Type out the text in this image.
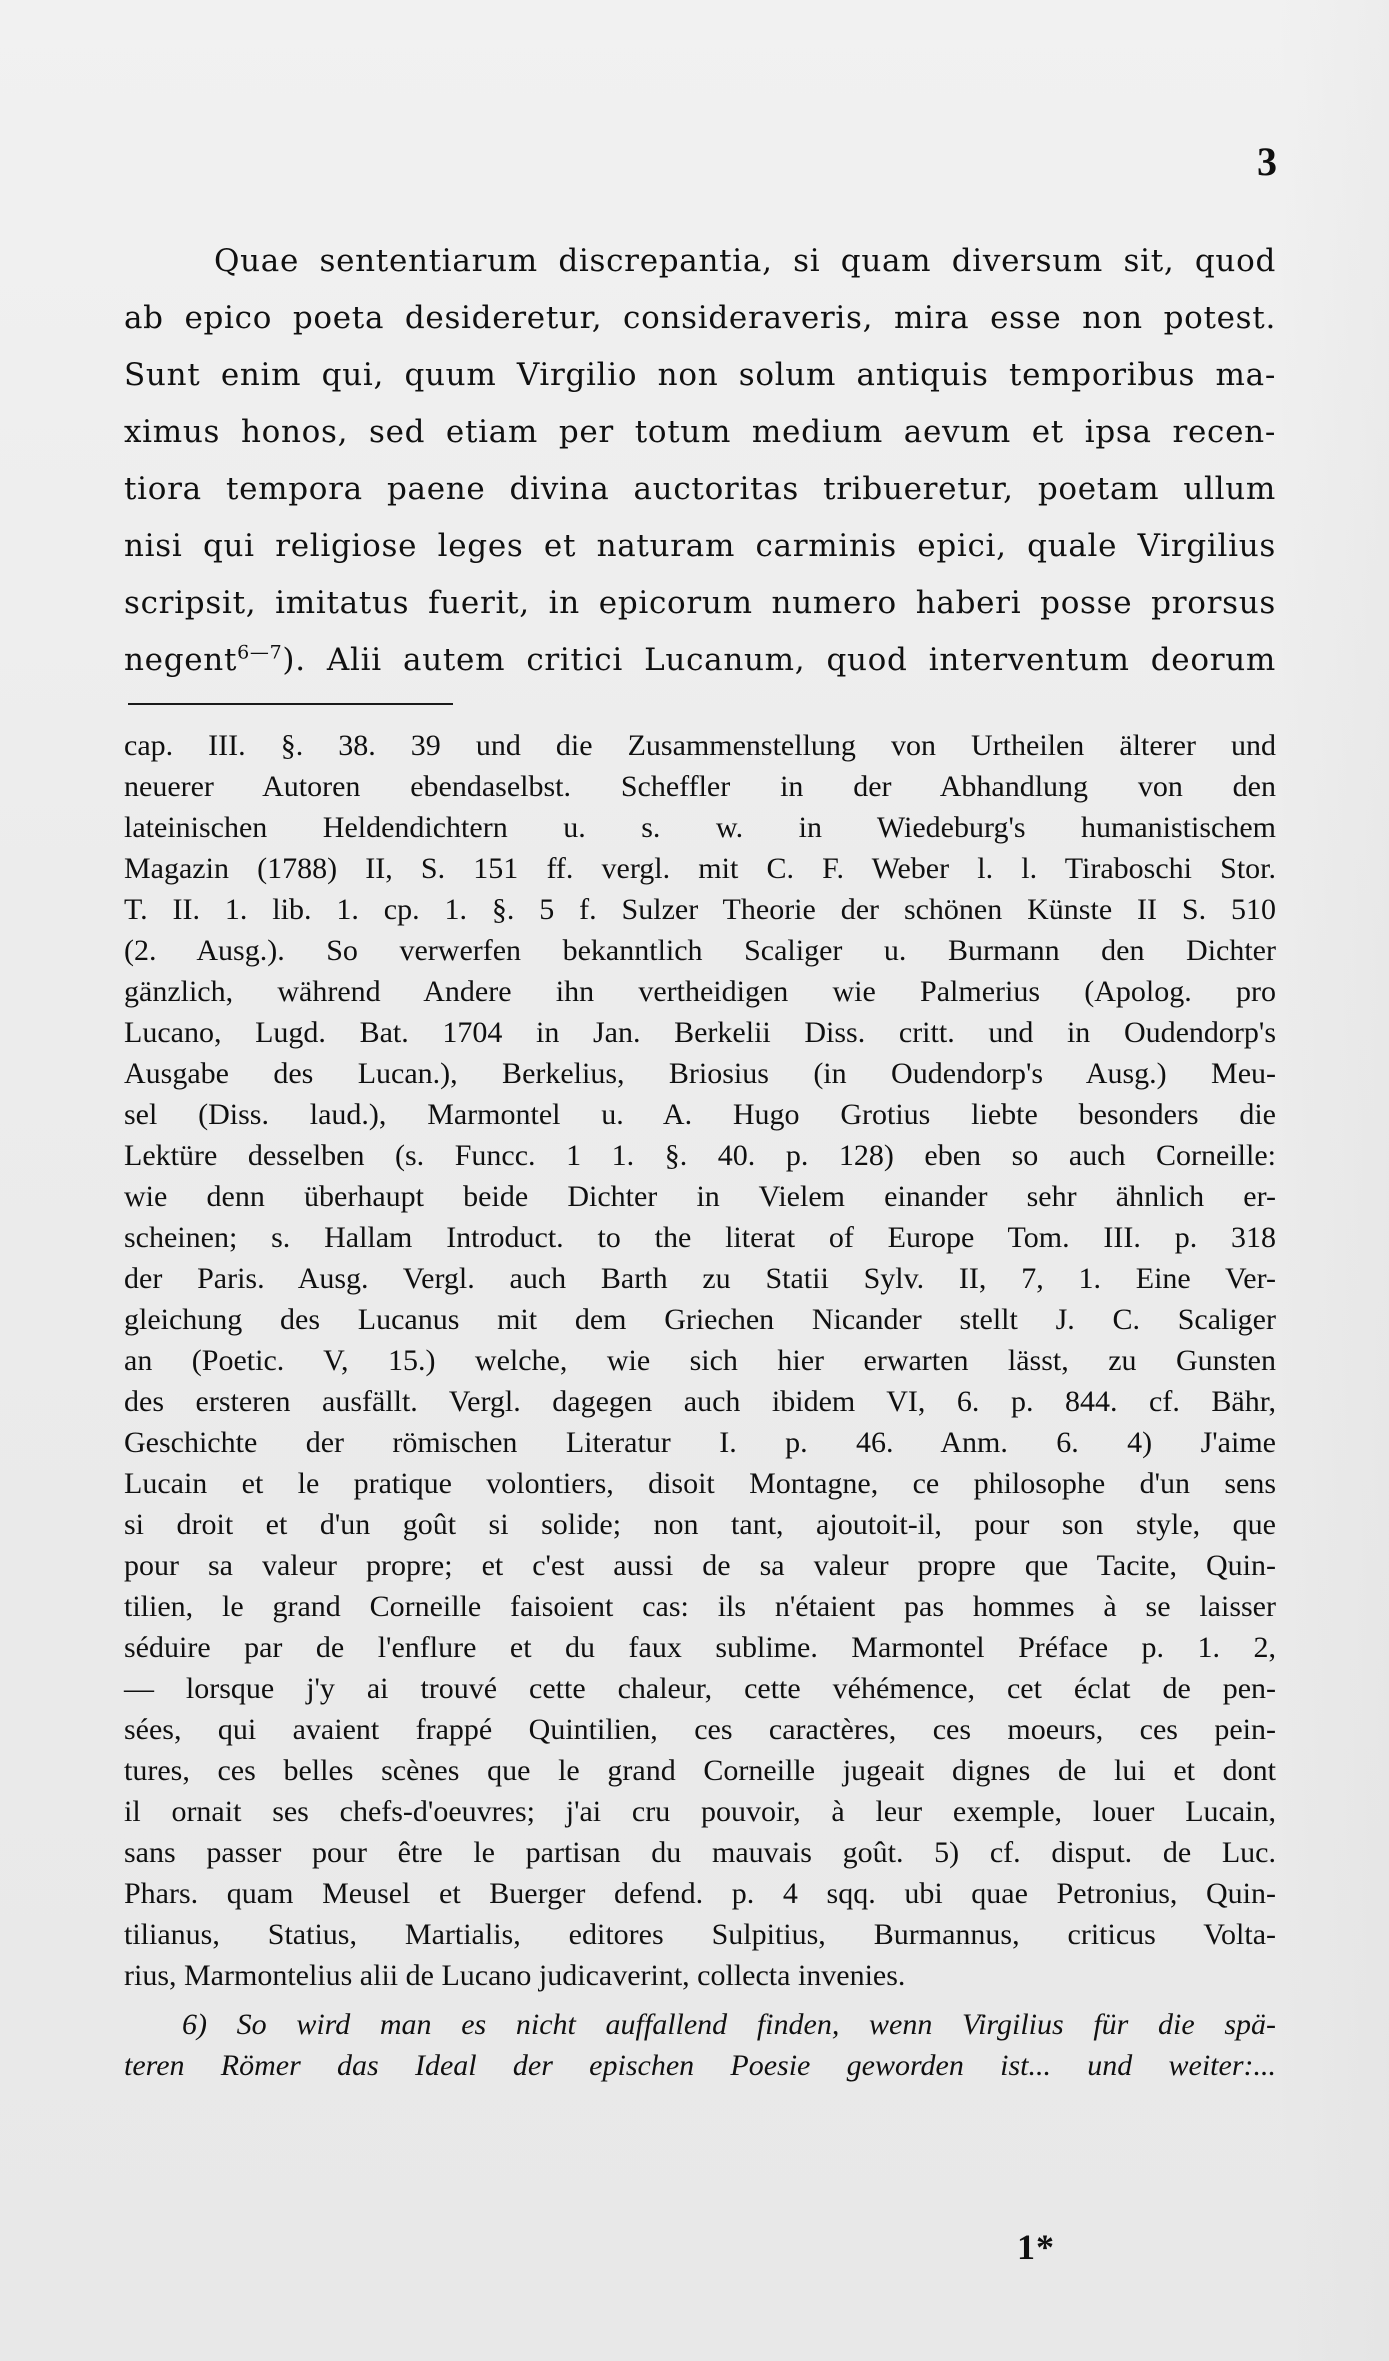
3
Quae sententiarum discrepantia, si quam diversum sit, quod
ab epico poeta desideretur, consideraveris, mira esse non potest.
Sunt enim qui, quum Virgilio non solum antiquis temporibus ma-
ximus honos, sed etiam per totum medium aevum et ipsa recen-
tiora tempora paene divina auctoritas tribueretur, poetam ullum
nisi qui religiose leges et naturam carminis epici, quale Virgilius
scripsit, imitatus fuerit, in epicorum numero haberi posse prorsus
negent$^{6—7}$). Alii autem critici Lucanum, quod interventum deorum
cap. III. §. 38. 39 und die Zusammenstellung von Urtheilen älterer und
neuerer Autoren ebendaselbst. Scheffler in der Abhandlung von den
lateinischen Heldendichtern u. s. w. in Wiedeburg's humanistischem
Magazin (1788) II, S. 151 ff. vergl. mit C. F. Weber l. l. Tiraboschi Stor.
T. II. 1. lib. 1. cp. 1. §. 5 f. Sulzer Theorie der schönen Künste II S. 510
(2. Ausg.). So verwerfen bekanntlich Scaliger u. Burmann den Dichter
gänzlich, während Andere ihn vertheidigen wie Palmerius (Apolog. pro
Lucano, Lugd. Bat. 1704 in Jan. Berkelii Diss. critt. und in Oudendorp's
Ausgabe des Lucan.), Berkelius, Briosius (in Oudendorp's Ausg.) Meu-
sel (Diss. laud.), Marmontel u. A. Hugo Grotius liebte besonders die
Lektüre desselben (s. Funcc. 1 1. §. 40. p. 128) eben so auch Corneille:
wie denn überhaupt beide Dichter in Vielem einander sehr ähnlich er-
scheinen; s. Hallam Introduct. to the literat of Europe Tom. III. p. 318
der Paris. Ausg. Vergl. auch Barth zu Statii Sylv. II, 7, 1. Eine Ver-
gleichung des Lucanus mit dem Griechen Nicander stellt J. C. Scaliger
an (Poetic. V, 15.) welche, wie sich hier erwarten lässt, zu Gunsten
des ersteren ausfällt. Vergl. dagegen auch ibidem VI, 6. p. 844. cf. Bähr,
Geschichte der römischen Literatur I. p. 46. Anm. 6. 4) J'aime
Lucain et le pratique volontiers, disoit Montagne, ce philosophe d'un sens
si droit et d'un goût si solide; non tant, ajoutoit-il, pour son style, que
pour sa valeur propre; et c'est aussi de sa valeur propre que Tacite, Quin-
tilien, le grand Corneille faisoient cas: ils n'étaient pas hommes à se laisser
séduire par de l'enflure et du faux sublime. Marmontel Préface p. 1. 2,
— lorsque j'y ai trouvé cette chaleur, cette véhémence, cet éclat de pen-
sées, qui avaient frappé Quintilien, ces caractères, ces moeurs, ces pein-
tures, ces belles scènes que le grand Corneille jugeait dignes de lui et dont
il ornait ses chefs-d'oeuvres; j'ai cru pouvoir, à leur exemple, louer Lucain,
sans passer pour être le partisan du mauvais goût. 5) cf. disput. de Luc.
Phars. quam Meusel et Buerger defend. p. 4 sqq. ubi quae Petronius, Quin-
tilianus, Statius, Martialis, editores Sulpitius, Burmannus, criticus Volta-
rius, Marmontelius alii de Lucano judicaverint, collecta invenies.
6) So wird man es nicht auffallend finden, wenn Virgilius für die spä-
teren Römer das Ideal der epischen Poesie geworden ist... und weiter:...
1*
